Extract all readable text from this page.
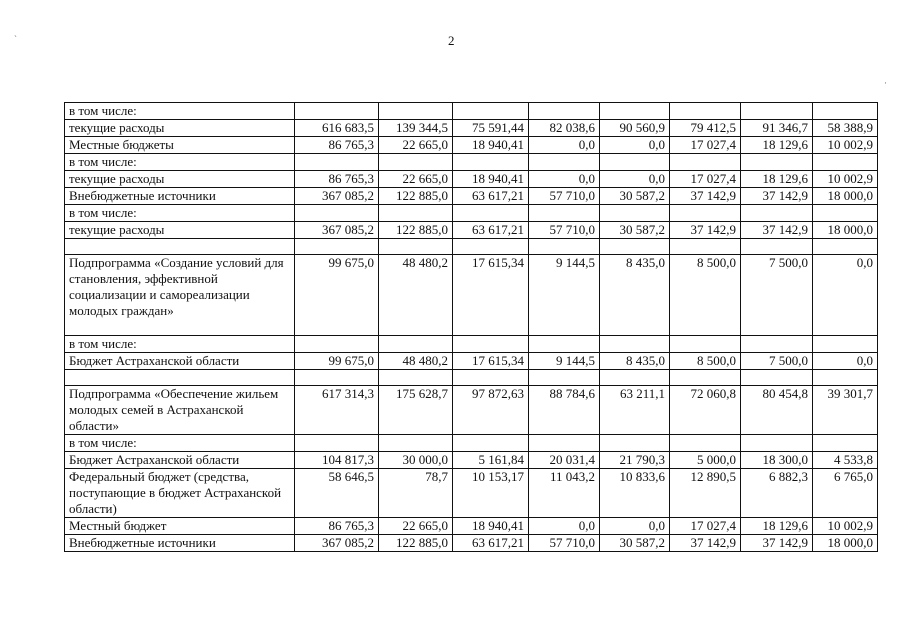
2
`
·
в том числе:								
текущие расходы	616 683,5	139 344,5	75 591,44	82 038,6	90 560,9	79 412,5	91 346,7	58 388,9
Местные бюджеты	86 765,3	22 665,0	18 940,41	0,0	0,0	17 027,4	18 129,6	10 002,9
в том числе:								
текущие расходы	86 765,3	22 665,0	18 940,41	0,0	0,0	17 027,4	18 129,6	10 002,9
Внебюджетные источники	367 085,2	122 885,0	63 617,21	57 710,0	30 587,2	37 142,9	37 142,9	18 000,0
в том числе:								
текущие расходы	367 085,2	122 885,0	63 617,21	57 710,0	30 587,2	37 142,9	37 142,9	18 000,0

Подпрограмма «Создание условий для становления, эффективной социализации и самореализации молодых граждан»	99 675,0	48 480,2	17 615,34	9 144,5	8 435,0	8 500,0	7 500,0	0,0
в том числе:								
Бюджет Астраханской области	99 675,0	48 480,2	17 615,34	9 144,5	8 435,0	8 500,0	7 500,0	0,0

Подпрограмма «Обеспечение жильем молодых семей в Астраханской области»	617 314,3	175 628,7	97 872,63	88 784,6	63 211,1	72 060,8	80 454,8	39 301,7
в том числе:								
Бюджет Астраханской области	104 817,3	30 000,0	5 161,84	20 031,4	21 790,3	5 000,0	18 300,0	4 533,8
Федеральный бюджет (средства, поступающие в бюджет Астраханской области)	58 646,5	78,7	10 153,17	11 043,2	10 833,6	12 890,5	6 882,3	6 765,0
Местный бюджет	86 765,3	22 665,0	18 940,41	0,0	0,0	17 027,4	18 129,6	10 002,9
Внебюджетные источники	367 085,2	122 885,0	63 617,21	57 710,0	30 587,2	37 142,9	37 142,9	18 000,0
